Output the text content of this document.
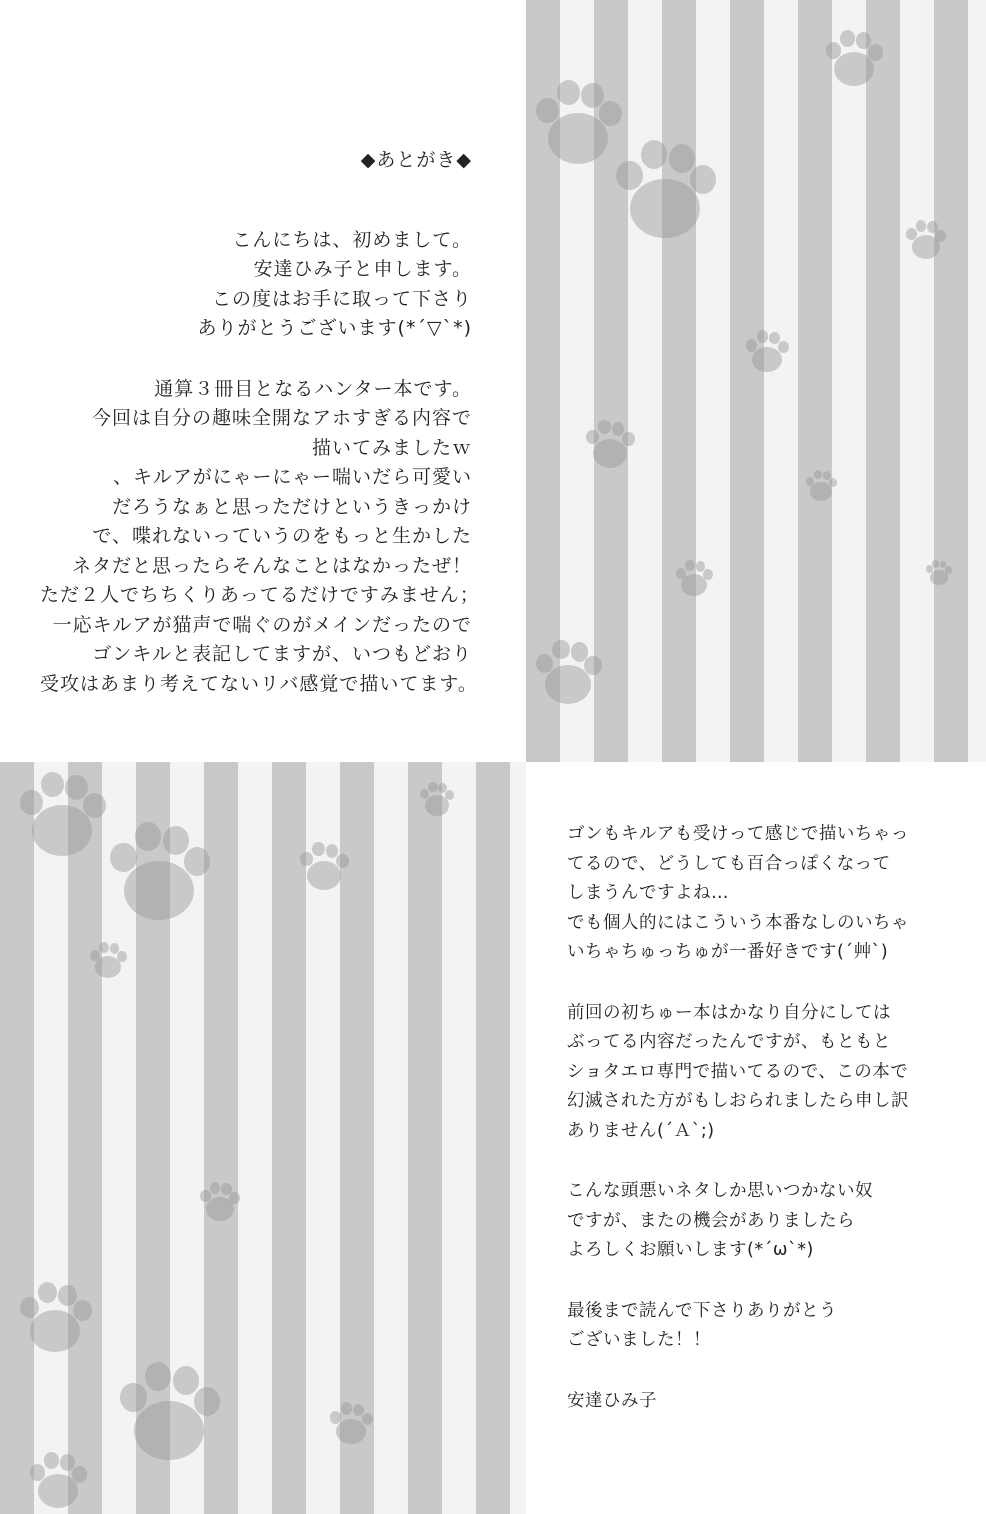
◆あとがき◆
こんにちは、初めまして。
安達ひみ子と申します。
この度はお手に取って下さり
ありがとうございます(*´▽`*)
通算３冊目となるハンター本です。
今回は自分の趣味全開なアホすぎる内容で
描いてみましたｗ
、キルアがにゃーにゃー喘いだら可愛い
だろうなぁと思っただけというきっかけ
で、喋れないっていうのをもっと生かした
ネタだと思ったらそんなことはなかったぜ！
ただ２人でちちくりあってるだけですみません；
一応キルアが猫声で喘ぐのがメインだったので
ゴンキルと表記してますが、いつもどおり
受攻はあまり考えてないリバ感覚で描いてます。
ゴンもキルアも受けって感じで描いちゃっ
てるので、どうしても百合っぽくなって
しまうんですよね…
でも個人的にはこういう本番なしのいちゃ
いちゃちゅっちゅが一番好きです(´艸`)
前回の初ちゅー本はかなり自分にしては
ぶってる内容だったんですが、もともと
ショタエロ専門で描いてるので、この本で
幻滅された方がもしおられましたら申し訳
ありません(´Ａ`;)
こんな頭悪いネタしか思いつかない奴
ですが、またの機会がありましたら
よろしくお願いします(*´ω`*)
最後まで読んで下さりありがとう
ございました！！
安達ひみ子
